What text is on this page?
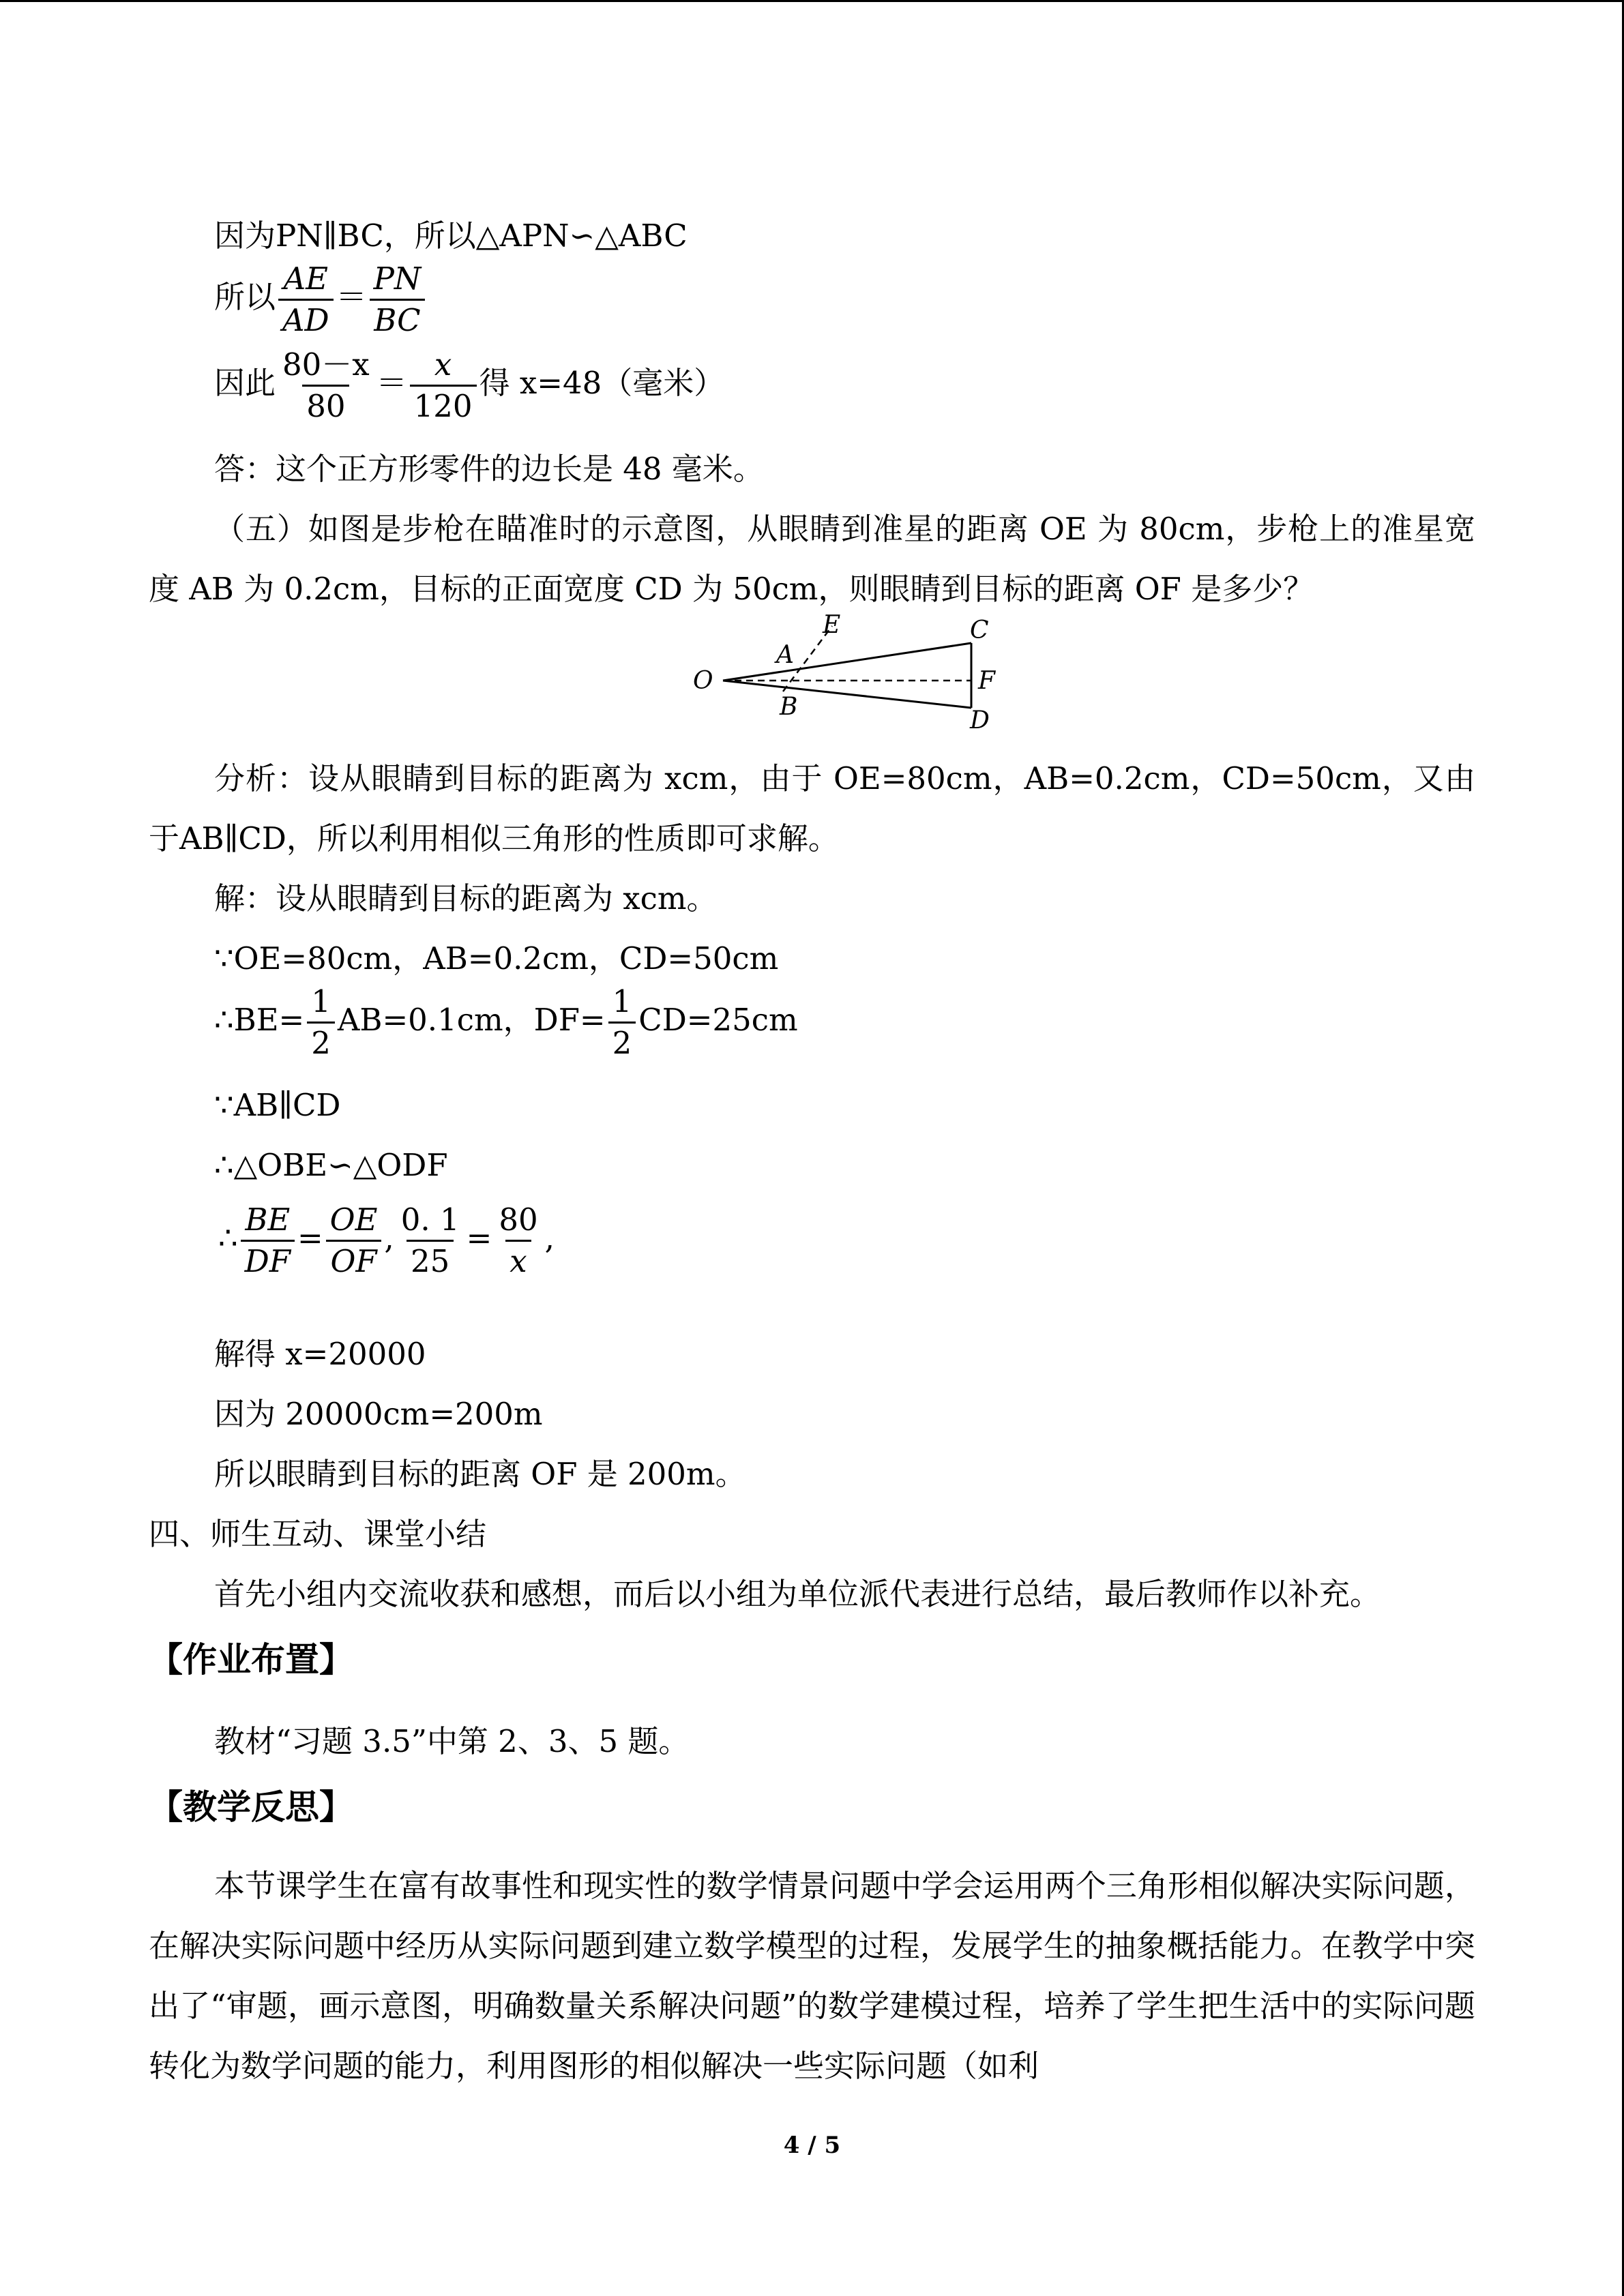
因为PN∥BC，所以△APN∽△ABC
所以 $\frac{AE}{AD} = \frac{PN}{BC}$
因此 $\frac{80-x}{80} = \frac{x}{120}$ 得 x=48（毫米）
答：这个正方形零件的边长是 48 毫米。
（五）如图是步枪在瞄准时的示意图，从眼睛到准星的距离 OE 为 80cm，步枪上的准星宽度 AB 为 0.2cm，目标的正面宽度 CD 为 50cm，则眼睛到目标的距离 OF 是多少？
O
A
E
B
C
F
D
分析：设从眼睛到目标的距离为 xcm，由于 OE=80cm，AB=0.2cm，CD=50cm，又由于AB∥CD，所以利用相似三角形的性质即可求解。
解：设从眼睛到目标的距离为 xcm。
∵OE=80cm，AB=0.2cm，CD=50cm
∴BE= $\frac{1}{2} AB=0.1cm$，$DF= \frac{1}{2} CD=25cm$
∵AB∥CD
∴△OBE∽△ODF
∴ $\frac{BE}{DF} = \frac{OE}{OF}$ , $\frac{0. 1}{25} = \frac{80}{x}$ ,
解得 x=20000
因为 20000cm=200m
所以眼睛到目标的距离 OF 是 200m。
四、师生互动、课堂小结
首先小组内交流收获和感想，而后以小组为单位派代表进行总结，最后教师作以补充。
【作业布置】
教材“习题 3.5”中第 2、3、5 题。
【教学反思】
本节课学生在富有故事性和现实性的数学情景问题中学会运用两个三角形相似解决实际问题，在解决实际问题中经历从实际问题到建立数学模型的过程，发展学生的抽象概括能力。在教学中突出了“审题，画示意图，明确数量关系解决问题”的数学建模过程，培养了学生把生活中的实际问题转化为数学问题的能力，利用图形的相似解决一些实际问题（如利
4 / 5
